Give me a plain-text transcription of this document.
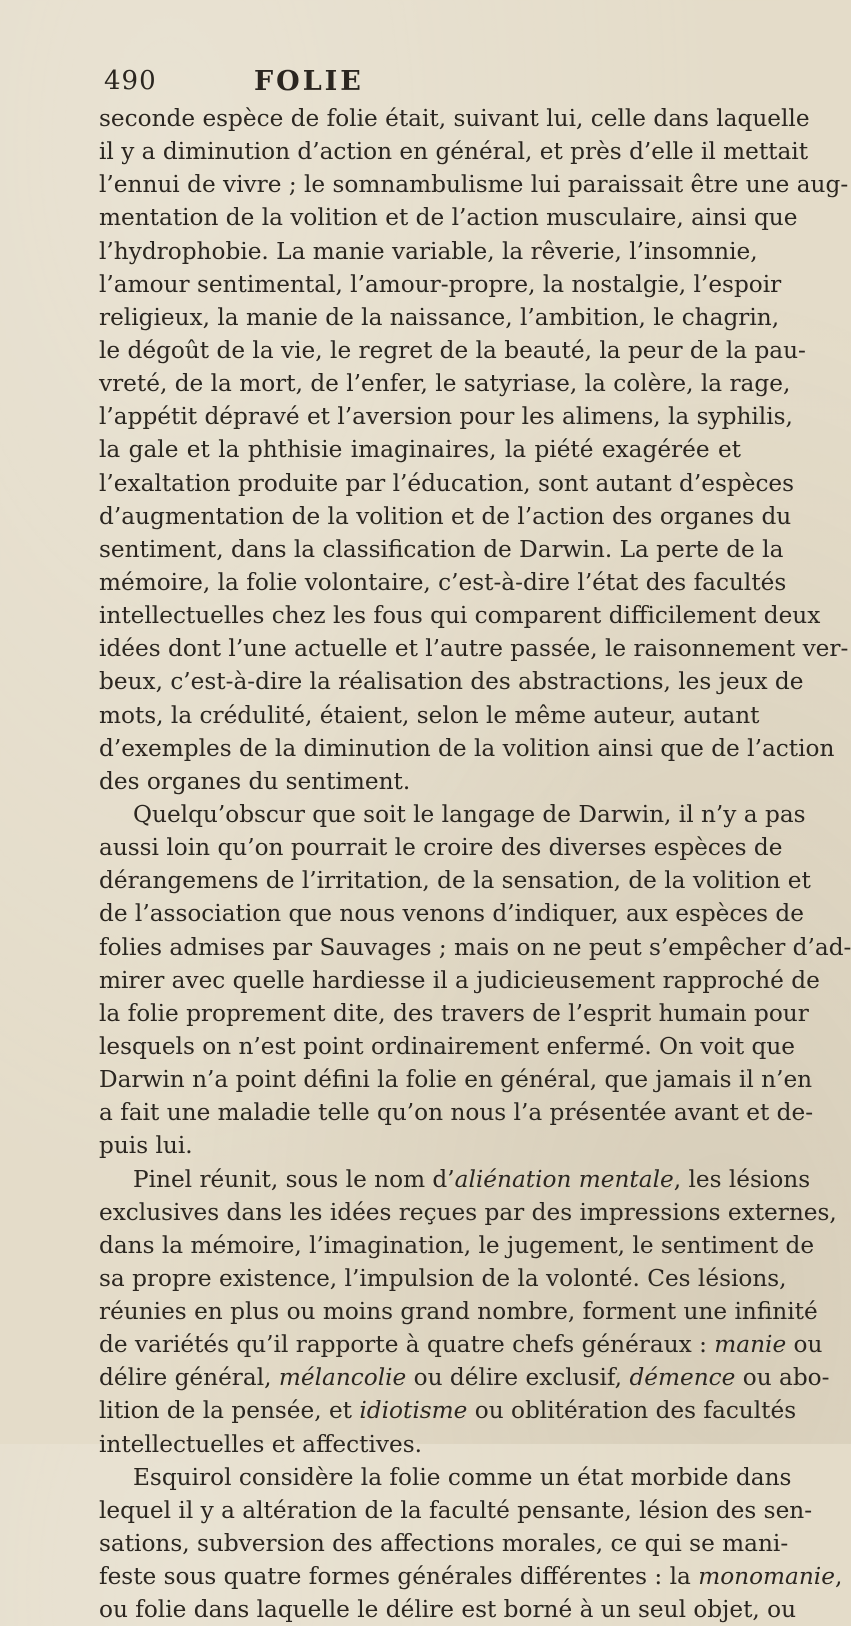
490	FOLIE
seconde espèce de folie était, suivant lui, celle dans laquelle
il y a diminution d’action en général, et près d’elle il mettait
l’ennui de vivre ; le somnambulisme lui paraissait être une aug-
mentation de la volition et de l’action musculaire, ainsi que
l’hydrophobie. La manie variable, la rêverie, l’insomnie,
l’amour sentimental, l’amour-propre, la nostalgie, l’espoir
religieux, la manie de la naissance, l’ambition, le chagrin,
le dégoût de la vie, le regret de la beauté, la peur de la pau-
vreté, de la mort, de l’enfer, le satyriase, la colère, la rage,
l’appétit dépravé et l’aversion pour les alimens, la syphilis,
la gale et la phthisie imaginaires, la piété exagérée et
l’exaltation produite par l’éducation, sont autant d’espèces
d’augmentation de la volition et de l’action des organes du
sentiment, dans la classification de Darwin. La perte de la
mémoire, la folie volontaire, c’est-à-dire l’état des facultés
intellectuelles chez les fous qui comparent difficilement deux
idées dont l’une actuelle et l’autre passée, le raisonnement ver-
beux, c’est-à-dire la réalisation des abstractions, les jeux de
mots, la crédulité, étaient, selon le même auteur, autant
d’exemples de la diminution de la volition ainsi que de l’action
des organes du sentiment.
Quelqu’obscur que soit le langage de Darwin, il n’y a pas
aussi loin qu’on pourrait le croire des diverses espèces de
dérangemens de l’irritation, de la sensation, de la volition et
de l’association que nous venons d’indiquer, aux espèces de
folies admises par Sauvages ; mais on ne peut s’empêcher d’ad-
mirer avec quelle hardiesse il a judicieusement rapproché de
la folie proprement dite, des travers de l’esprit humain pour
lesquels on n’est point ordinairement enfermé. On voit que
Darwin n’a point défini la folie en général, que jamais il n’en
a fait une maladie telle qu’on nous l’a présentée avant et de-
puis lui.
Pinel réunit, sous le nom d’aliénation mentale, les lésions
exclusives dans les idées reçues par des impressions externes,
dans la mémoire, l’imagination, le jugement, le sentiment de
sa propre existence, l’impulsion de la volonté. Ces lésions,
réunies en plus ou moins grand nombre, forment une infinité
de variétés qu’il rapporte à quatre chefs généraux : manie ou
délire général, mélancolie ou délire exclusif, démence ou abo-
lition de la pensée, et idiotisme ou oblitération des facultés
intellectuelles et affectives.
Esquirol considère la folie comme un état morbide dans
lequel il y a altération de la faculté pensante, lésion des sen-
sations, subversion des affections morales, ce qui se mani-
feste sous quatre formes générales différentes : la monomanie,
ou folie dans laquelle le délire est borné à un seul objet, ou
